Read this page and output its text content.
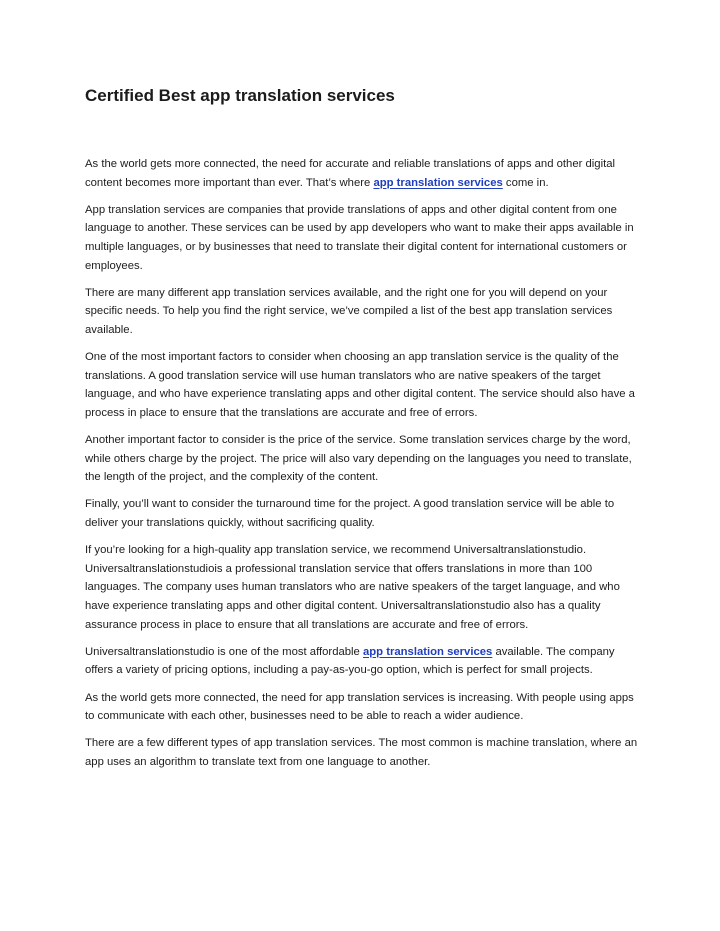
Certified Best app translation services

As the world gets more connected, the need for accurate and reliable translations of apps and other digital content becomes more important than ever. That’s where app translation services come in.

App translation services are companies that provide translations of apps and other digital content from one language to another. These services can be used by app developers who want to make their apps available in multiple languages, or by businesses that need to translate their digital content for international customers or employees.

There are many different app translation services available, and the right one for you will depend on your specific needs. To help you find the right service, we’ve compiled a list of the best app translation services available.

One of the most important factors to consider when choosing an app translation service is the quality of the translations. A good translation service will use human translators who are native speakers of the target language, and who have experience translating apps and other digital content. The service should also have a process in place to ensure that the translations are accurate and free of errors.

Another important factor to consider is the price of the service. Some translation services charge by the word, while others charge by the project. The price will also vary depending on the languages you need to translate, the length of the project, and the complexity of the content.

Finally, you’ll want to consider the turnaround time for the project. A good translation service will be able to deliver your translations quickly, without sacrificing quality.

If you’re looking for a high-quality app translation service, we recommend Universaltranslationstudio. Universaltranslationstudiois a professional translation service that offers translations in more than 100 languages. The company uses human translators who are native speakers of the target language, and who have experience translating apps and other digital content. Universaltranslationstudio also has a quality assurance process in place to ensure that all translations are accurate and free of errors.

Universaltranslationstudio is one of the most affordable app translation services available. The company offers a variety of pricing options, including a pay-as-you-go option, which is perfect for small projects.

As the world gets more connected, the need for app translation services is increasing. With people using apps to communicate with each other, businesses need to be able to reach a wider audience.

There are a few different types of app translation services. The most common is machine translation, where an app uses an algorithm to translate text from one language to another.
